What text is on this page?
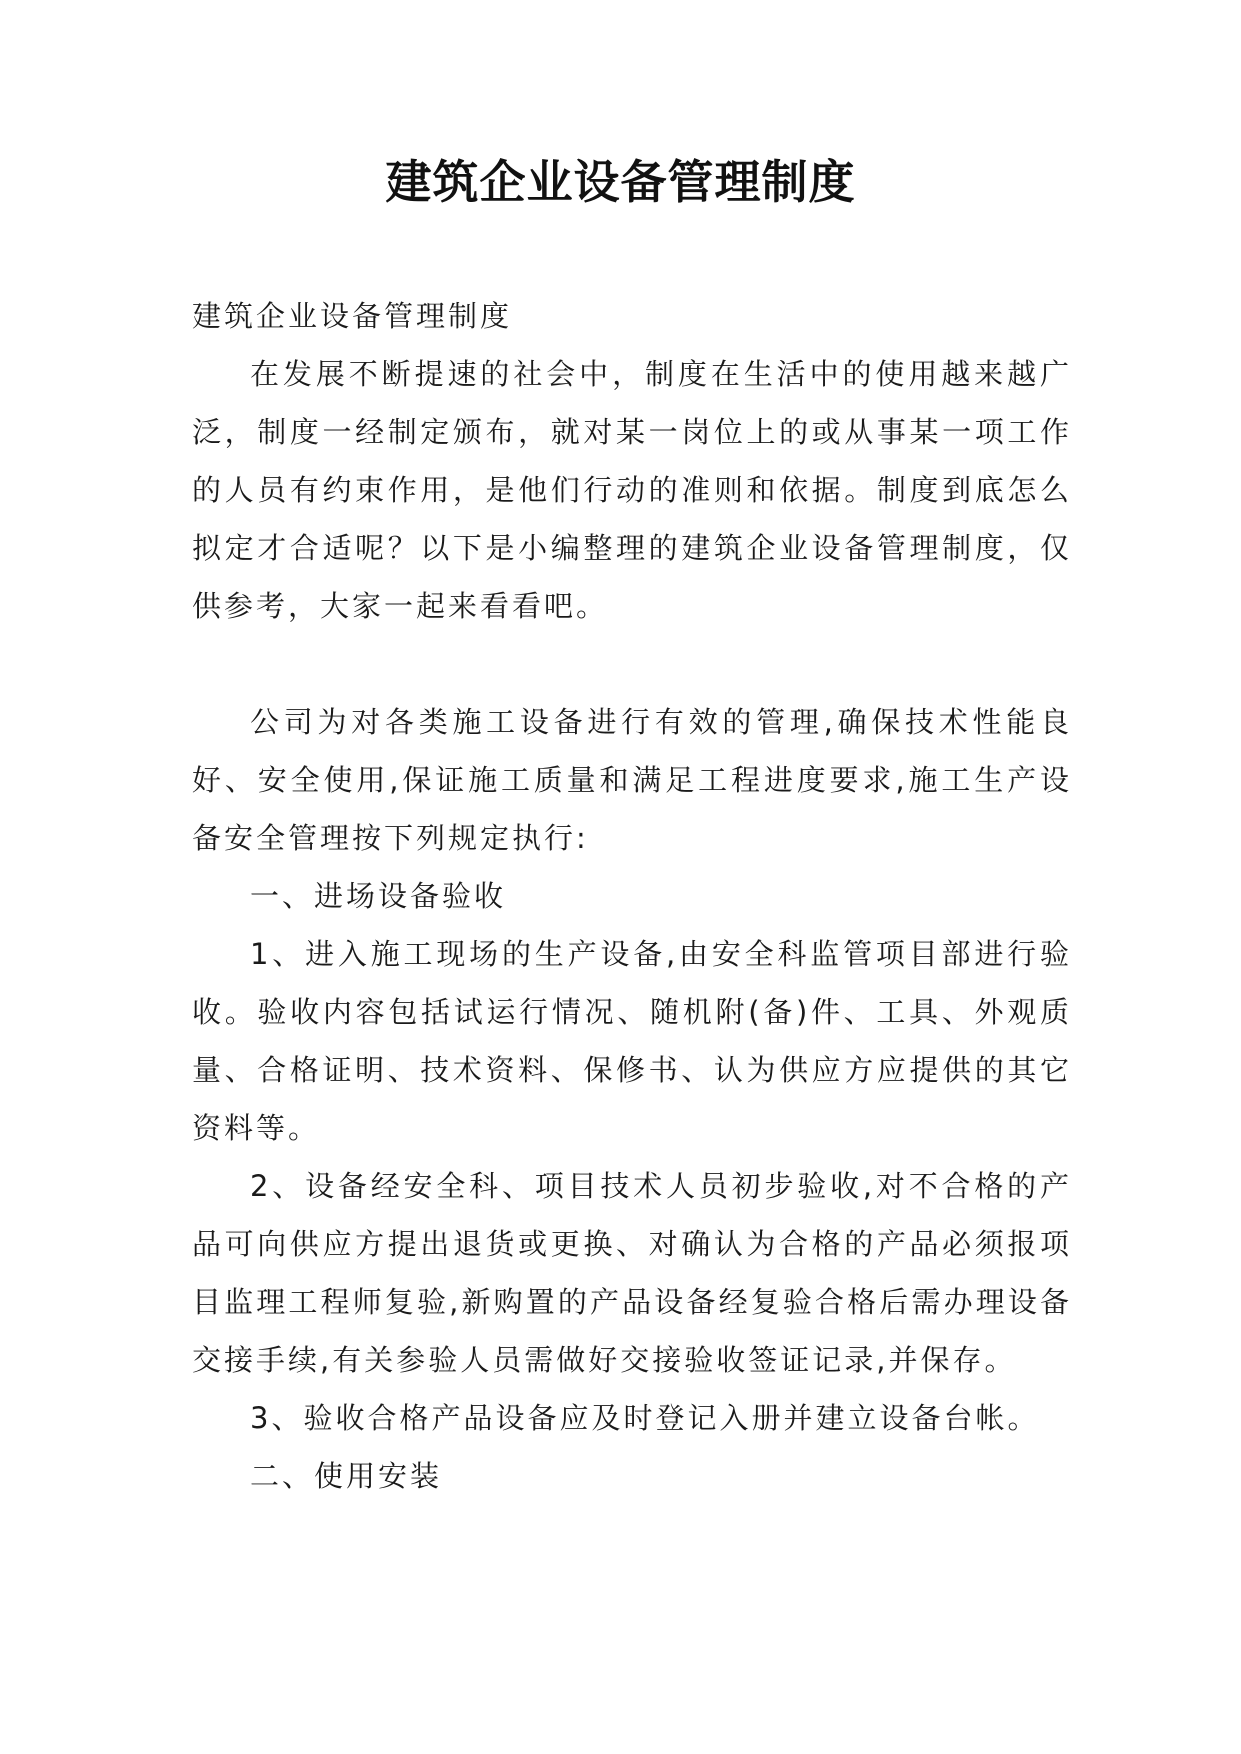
建筑企业设备管理制度

建筑企业设备管理制度

在发展不断提速的社会中，制度在生活中的使用越来越广泛，制度一经制定颁布，就对某一岗位上的或从事某一项工作的人员有约束作用，是他们行动的准则和依据。制度到底怎么拟定才合适呢？以下是小编整理的建筑企业设备管理制度，仅供参考，大家一起来看看吧。

公司为对各类施工设备进行有效的管理,确保技术性能良好、安全使用,保证施工质量和满足工程进度要求,施工生产设备安全管理按下列规定执行:

一、进场设备验收

1、进入施工现场的生产设备,由安全科监管项目部进行验收。验收内容包括试运行情况、随机附(备)件、工具、外观质量、合格证明、技术资料、保修书、认为供应方应提供的其它资料等。

2、设备经安全科、项目技术人员初步验收,对不合格的产品可向供应方提出退货或更换、对确认为合格的产品必须报项目监理工程师复验,新购置的产品设备经复验合格后需办理设备交接手续,有关参验人员需做好交接验收签证记录,并保存。

3、验收合格产品设备应及时登记入册并建立设备台帐。

二、使用安装
